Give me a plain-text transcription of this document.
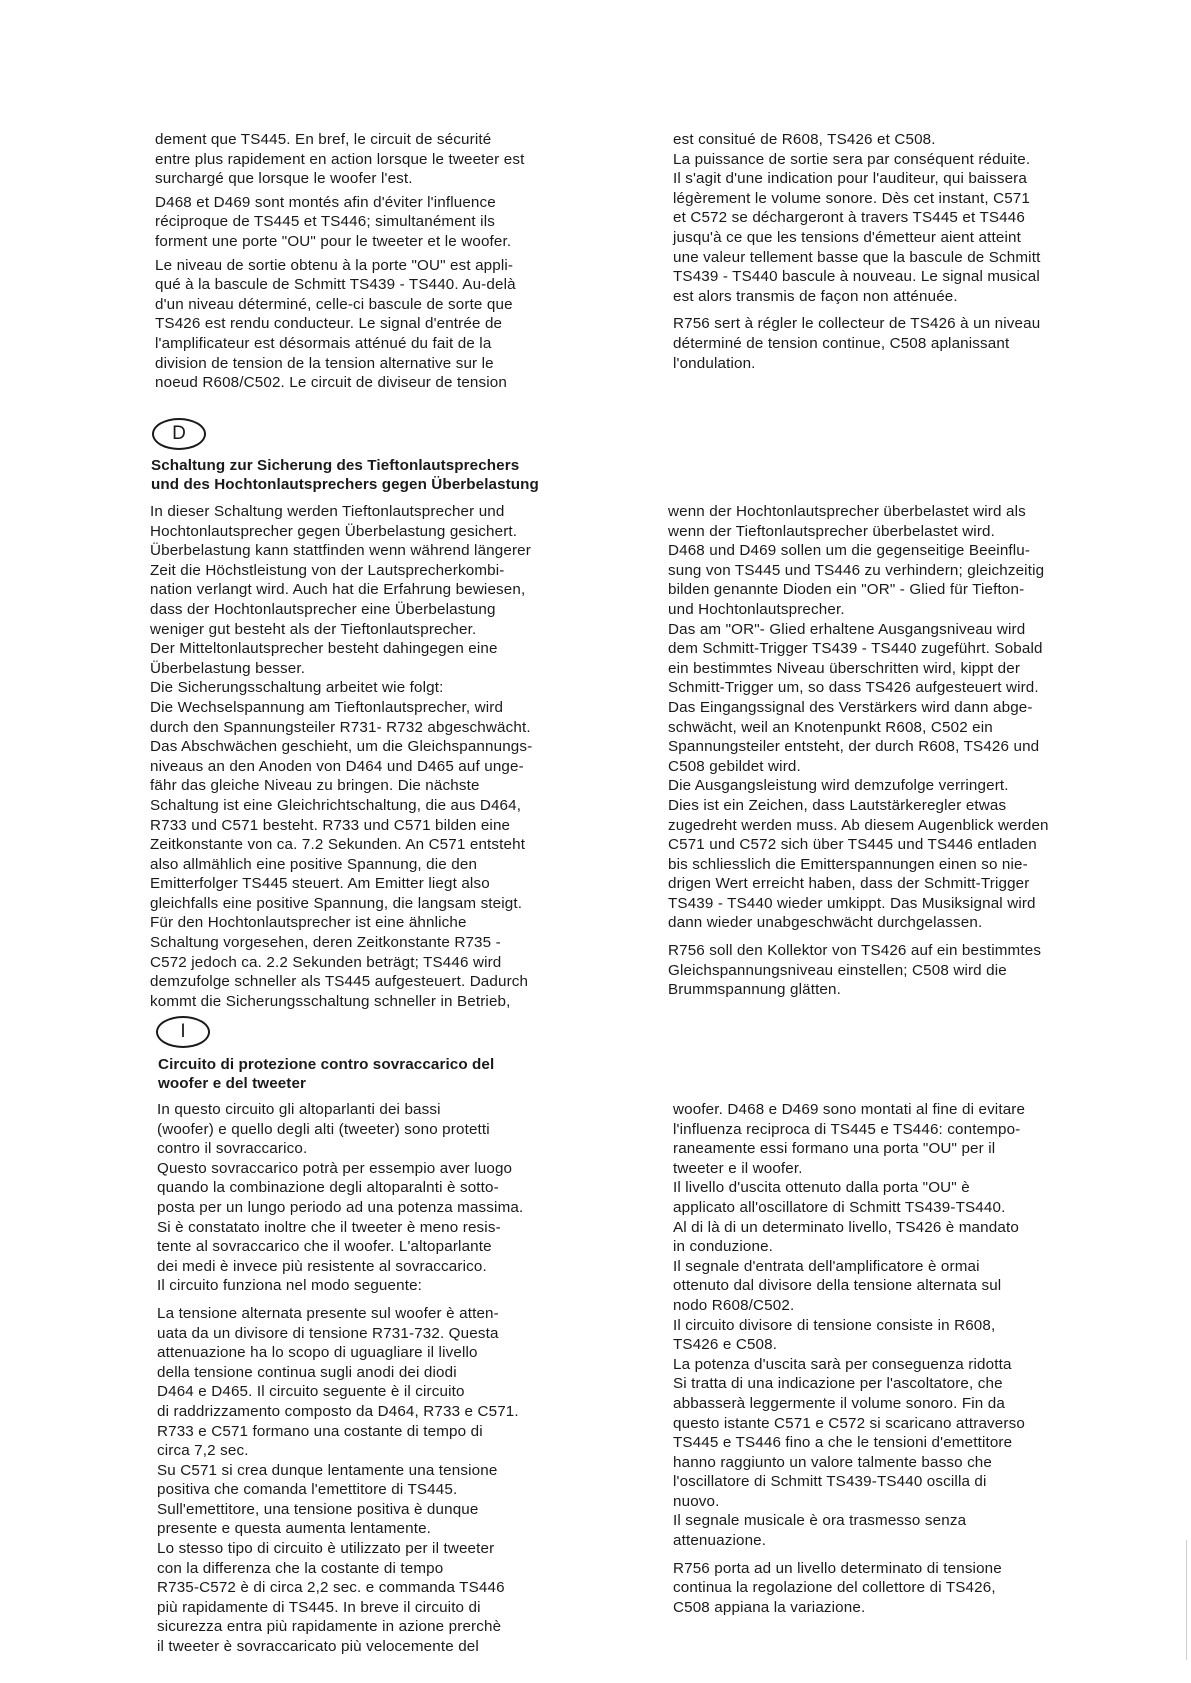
dement que TS445. En bref, le circuit de sécurité
entre plus rapidement en action lorsque le tweeter est
surchargé que lorsque le woofer l'est.

D468 et D469 sont montés afin d'éviter l'influence
réciproque de TS445 et TS446; simultanément ils
forment une porte "OU" pour le tweeter et le woofer.

Le niveau de sortie obtenu à la porte "OU" est appli-
qué à la bascule de Schmitt TS439 - TS440. Au-delà
d'un niveau déterminé, celle-ci bascule de sorte que
TS426 est rendu conducteur. Le signal d'entrée de
l'amplificateur est désormais atténué du fait de la
division de tension de la tension alternative sur le
noeud R608/C502. Le circuit de diviseur de tension

est consitué de R608, TS426 et C508.
La puissance de sortie sera par conséquent réduite.
Il s'agit d'une indication pour l'auditeur, qui baissera
légèrement le volume sonore. Dès cet instant, C571
et C572 se déchargeront à travers TS445 et TS446
jusqu'à ce que les tensions d'émetteur aient atteint
une valeur tellement basse que la bascule de Schmitt
TS439 - TS440 bascule à nouveau. Le signal musical
est alors transmis de façon non atténuée.

R756 sert à régler le collecteur de TS426 à un niveau
déterminé de tension continue, C508 aplanissant
l'ondulation.

D
Schaltung zur Sicherung des Tieftonlautsprechers
und des Hochtonlautsprechers gegen Überbelastung

In dieser Schaltung werden Tieftonlautsprecher und
Hochtonlautsprecher gegen Überbelastung gesichert.
Überbelastung kann stattfinden wenn während längerer
Zeit die Höchstleistung von der Lautsprecherkombi-
nation verlangt wird. Auch hat die Erfahrung bewiesen,
dass der Hochtonlautsprecher eine Überbelastung
weniger gut besteht als der Tieftonlautsprecher.
Der Mitteltonlautsprecher besteht dahingegen eine
Überbelastung besser.
Die Sicherungsschaltung arbeitet wie folgt:
Die Wechselspannung am Tieftonlautsprecher, wird
durch den Spannungsteiler R731- R732 abgeschwächt.
Das Abschwächen geschieht, um die Gleichspannungs-
niveaus an den Anoden von D464 und D465 auf unge-
fähr das gleiche Niveau zu bringen. Die nächste
Schaltung ist eine Gleichrichtschaltung, die aus D464,
R733 und C571 besteht. R733 und C571 bilden eine
Zeitkonstante von ca. 7.2 Sekunden. An C571 entsteht
also allmählich eine positive Spannung, die den
Emitterfolger TS445 steuert. Am Emitter liegt also
gleichfalls eine positive Spannung, die langsam steigt.
Für den Hochtonlautsprecher ist eine ähnliche
Schaltung vorgesehen, deren Zeitkonstante R735 -
C572 jedoch ca. 2.2 Sekunden beträgt; TS446 wird
demzufolge schneller als TS445 aufgesteuert. Dadurch
kommt die Sicherungsschaltung schneller in Betrieb,

wenn der Hochtonlautsprecher überbelastet wird als
wenn der Tieftonlautsprecher überbelastet wird.
D468 und D469 sollen um die gegenseitige Beeinflu-
sung von TS445 und TS446 zu verhindern; gleichzeitig
bilden genannte Dioden ein "OR" - Glied für Tiefton-
und Hochtonlautsprecher.
Das am "OR"- Glied erhaltene Ausgangsniveau wird
dem Schmitt-Trigger TS439 - TS440 zugeführt. Sobald
ein bestimmtes Niveau überschritten wird, kippt der
Schmitt-Trigger um, so dass TS426 aufgesteuert wird.
Das Eingangssignal des Verstärkers wird dann abge-
schwächt, weil an Knotenpunkt R608, C502 ein
Spannungsteiler entsteht, der durch R608, TS426 und
C508 gebildet wird.
Die Ausgangsleistung wird demzufolge verringert.
Dies ist ein Zeichen, dass Lautstärkeregler etwas
zugedreht werden muss. Ab diesem Augenblick werden
C571 und C572 sich über TS445 und TS446 entladen
bis schliesslich die Emitterspannungen einen so nie-
drigen Wert erreicht haben, dass der Schmitt-Trigger
TS439 - TS440 wieder umkippt. Das Musiksignal wird
dann wieder unabgeschwächt durchgelassen.

R756 soll den Kollektor von TS426 auf ein bestimmtes
Gleichspannungsniveau einstellen; C508 wird die
Brummspannung glätten.

I
Circuito di protezione contro sovraccarico del
woofer e del tweeter

In questo circuito gli altoparlanti dei bassi
(woofer) e quello degli alti (tweeter) sono protetti
contro il sovraccarico.
Questo sovraccarico potrà per essempio aver luogo
quando la combinazione degli altoparalnti è sotto-
posta per un lungo periodo ad una potenza massima.
Si è constatato inoltre che il tweeter è meno resis-
tente al sovraccarico che il woofer. L'altoparlante
dei medi è invece più resistente al sovraccarico.
Il circuito funziona nel modo seguente:

La tensione alternata presente sul woofer è atten-
uata da un divisore di tensione R731-732. Questa
attenuazione ha lo scopo di uguagliare il livello
della tensione continua sugli anodi dei diodi
D464 e D465. Il circuito seguente è il circuito
di raddrizzamento composto da D464, R733 e C571.
R733 e C571 formano una costante di tempo di
circa 7,2 sec.
Su C571 si crea dunque lentamente una tensione
positiva che comanda l'emettitore di TS445.
Sull'emettitore, una tensione positiva è dunque
presente e questa aumenta lentamente.
Lo stesso tipo di circuito è utilizzato per il tweeter
con la differenza che la costante di tempo
R735-C572 è di circa 2,2 sec. e commanda TS446
più rapidamente di TS445. In breve il circuito di
sicurezza entra più rapidamente in azione prerchè
il tweeter è sovraccaricato più velocemente del

woofer. D468 e D469 sono montati al fine di evitare
l'influenza reciproca di TS445 e TS446: contempo-
raneamente essi formano una porta "OU" per il
tweeter e il woofer.
Il livello d'uscita ottenuto dalla porta "OU" è
applicato all'oscillatore di Schmitt TS439-TS440.
Al di là di un determinato livello, TS426 è mandato
in conduzione.
Il segnale d'entrata dell'amplificatore è ormai
ottenuto dal divisore della tensione alternata sul
nodo R608/C502.
Il circuito divisore di tensione consiste in R608,
TS426 e C508.
La potenza d'uscita sarà per conseguenza ridotta
Si tratta di una indicazione per l'ascoltatore, che
abbasserà leggermente il volume sonoro. Fin da
questo istante C571 e C572 si scaricano attraverso
TS445 e TS446 fino a che le tensioni d'emettitore
hanno raggiunto un valore talmente basso che
l'oscillatore di Schmitt TS439-TS440 oscilla di
nuovo.
Il segnale musicale è ora trasmesso senza
attenuazione.

R756 porta ad un livello determinato di tensione
continua la regolazione del collettore di TS426,
C508 appiana la variazione.
